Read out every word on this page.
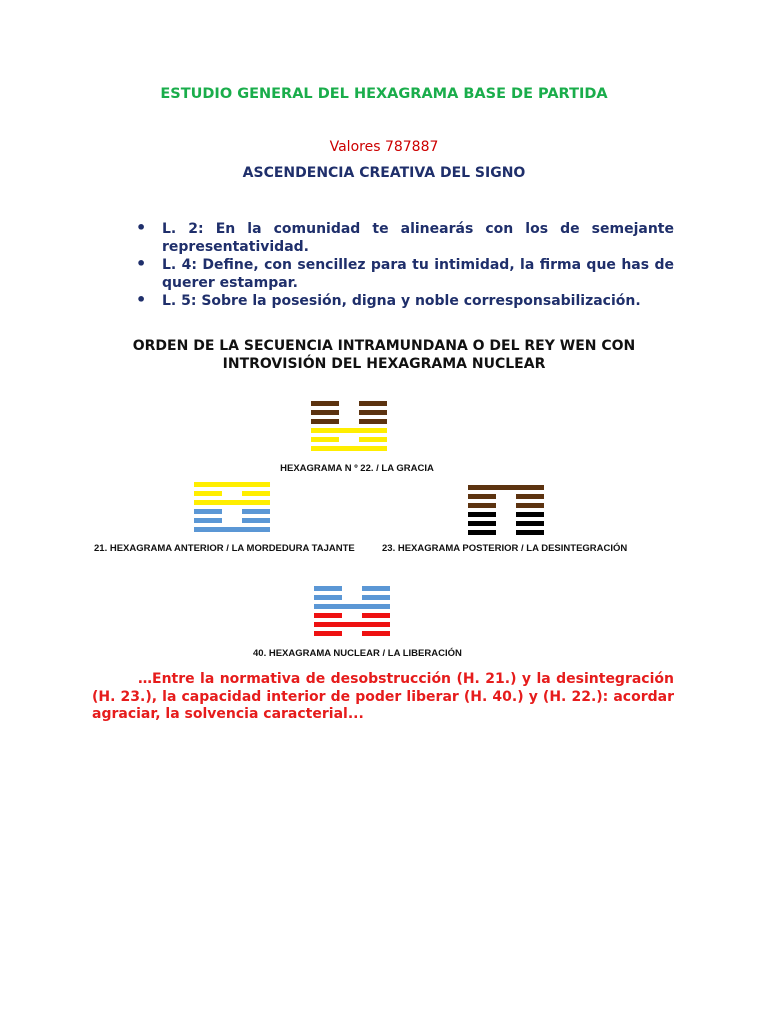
ESTUDIO GENERAL DEL HEXAGRAMA BASE DE PARTIDA
Valores 787887
ASCENDENCIA CREATIVA DEL SIGNO
• L. 2: En la comunidad te alinearás con los de semejante representatividad.
• L. 4: Define, con sencillez para tu intimidad, la firma que has de querer estampar.
• L. 5: Sobre la posesión, digna y noble corresponsabilización.
ORDEN DE LA SECUENCIA INTRAMUNDANA O DEL REY WEN CON INTROVISIÓN DEL HEXAGRAMA NUCLEAR
HEXAGRAMA N º 22. / LA GRACIA
21. HEXAGRAMA ANTERIOR / LA MORDEDURA TAJANTE	23. HEXAGRAMA POSTERIOR / LA DESINTEGRACIÓN
40. HEXAGRAMA NUCLEAR / LA LIBERACIÓN
…Entre la normativa de desobstrucción (H. 21.) y la desintegración (H. 23.), la capacidad interior de poder liberar (H. 40.) y (H. 22.): acordar agraciar, la solvencia caracterial...
